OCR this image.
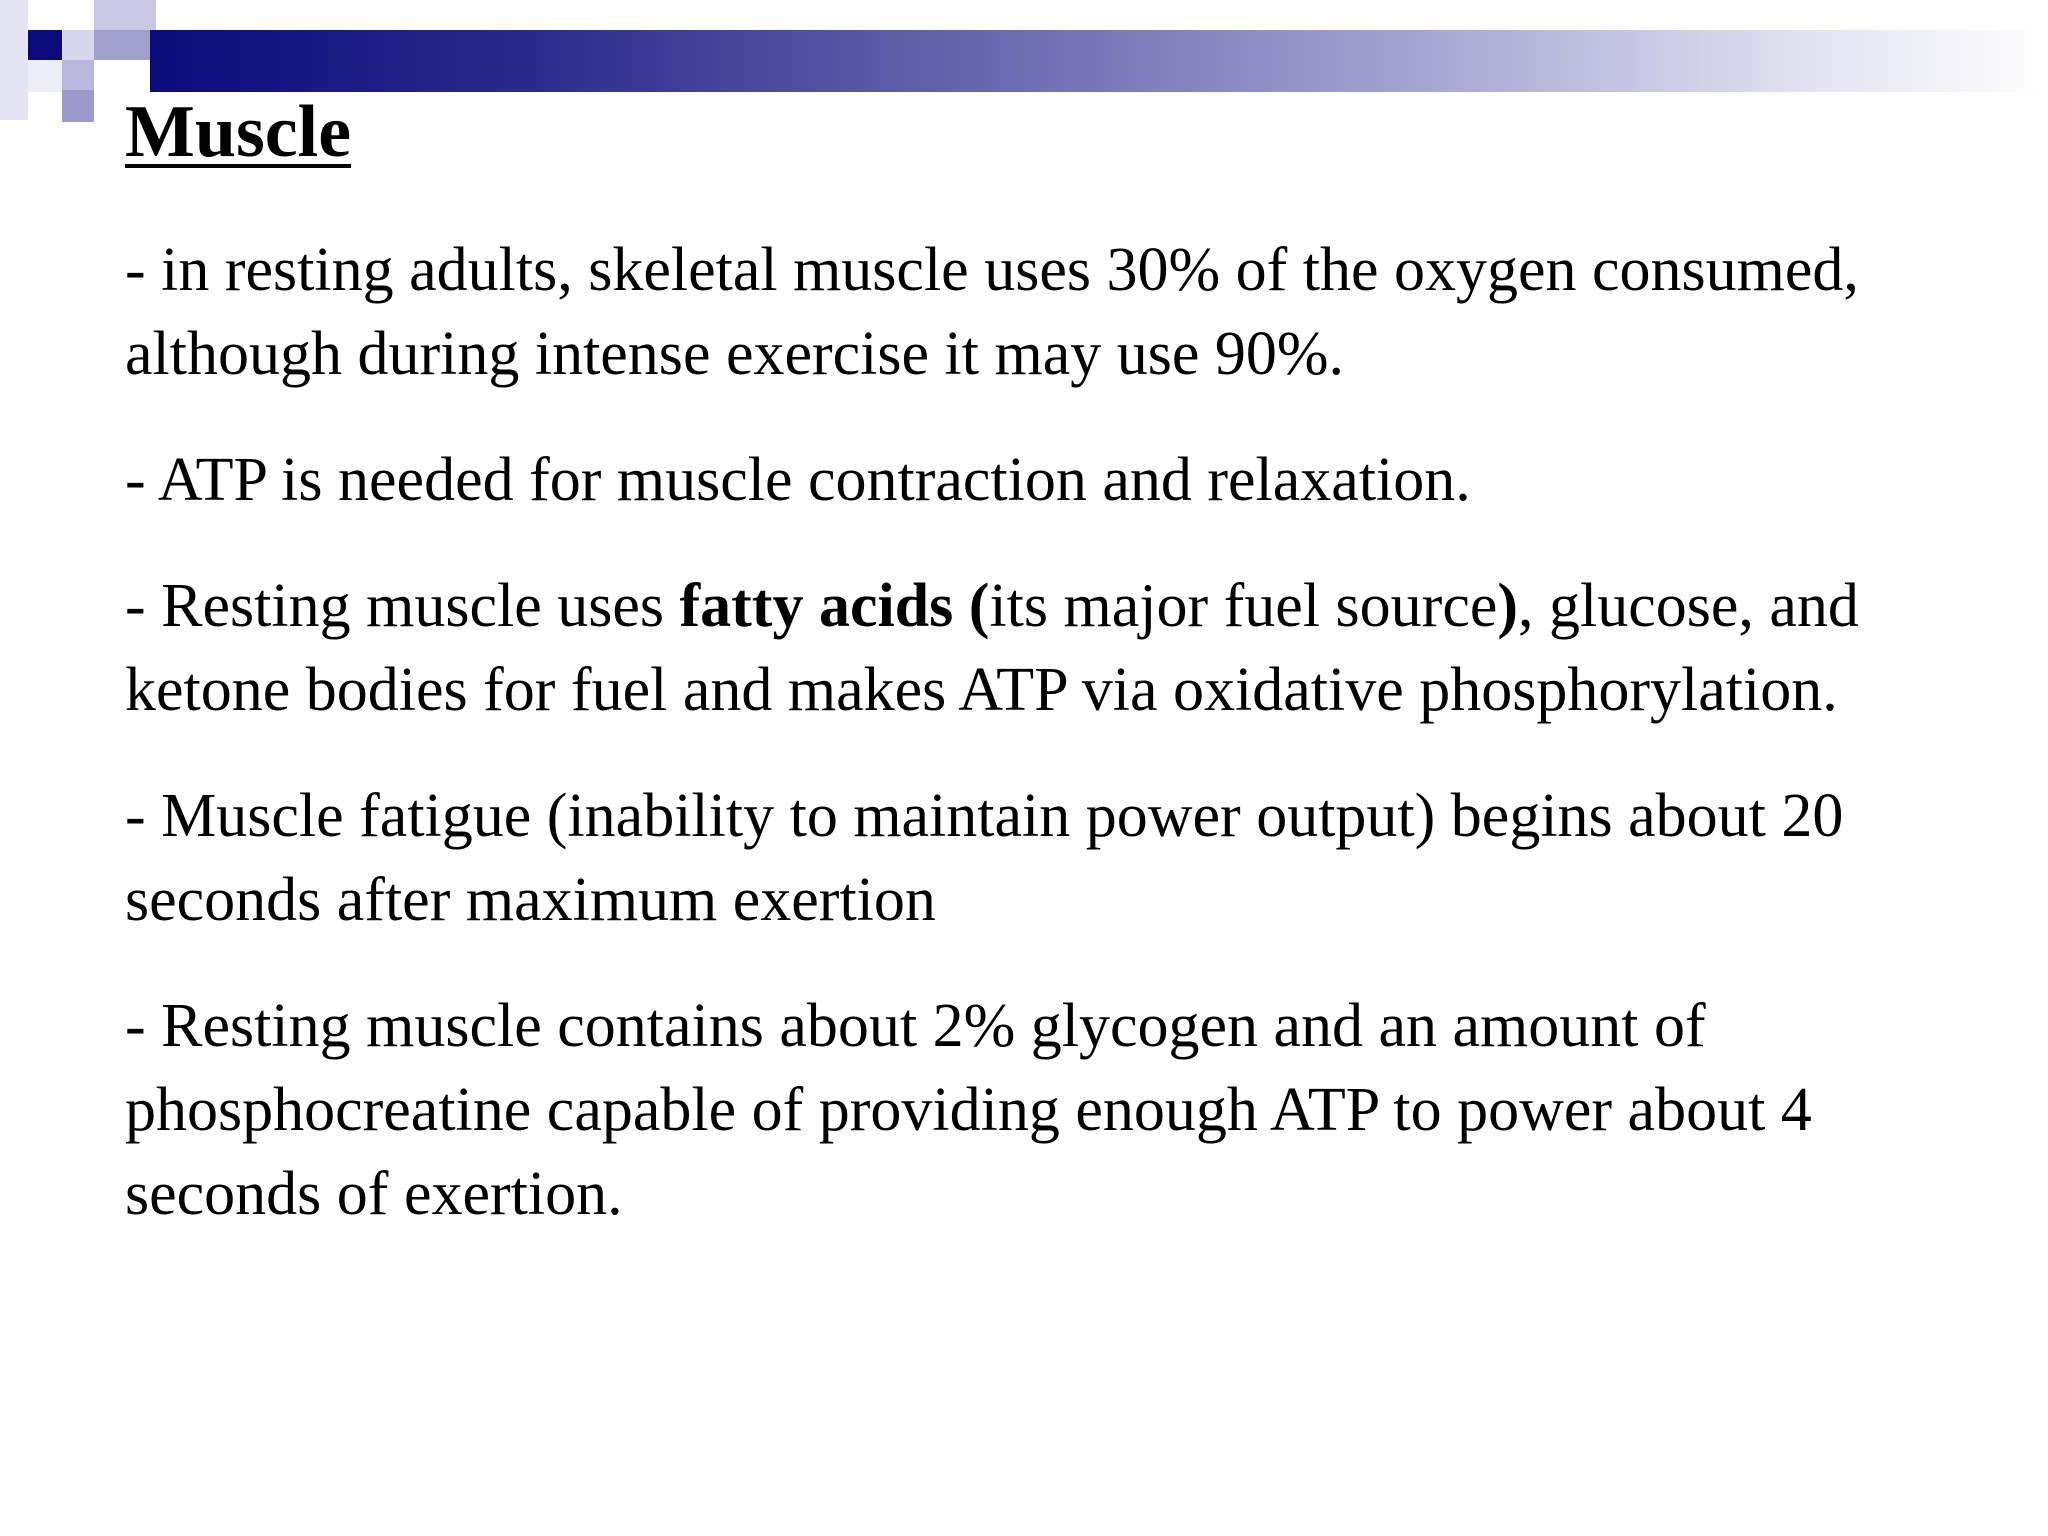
Muscle

- in resting adults, skeletal muscle uses 30% of the oxygen consumed, although during intense exercise it may use 90%.

- ATP is needed for muscle contraction and relaxation.

- Resting muscle uses fatty acids (its major fuel source), glucose, and ketone bodies for fuel and makes ATP via oxidative phosphorylation.

- Muscle fatigue (inability to maintain power output) begins about 20 seconds after maximum exertion

- Resting muscle contains about 2% glycogen and an amount of phosphocreatine capable of providing enough ATP to power about 4 seconds of exertion.
